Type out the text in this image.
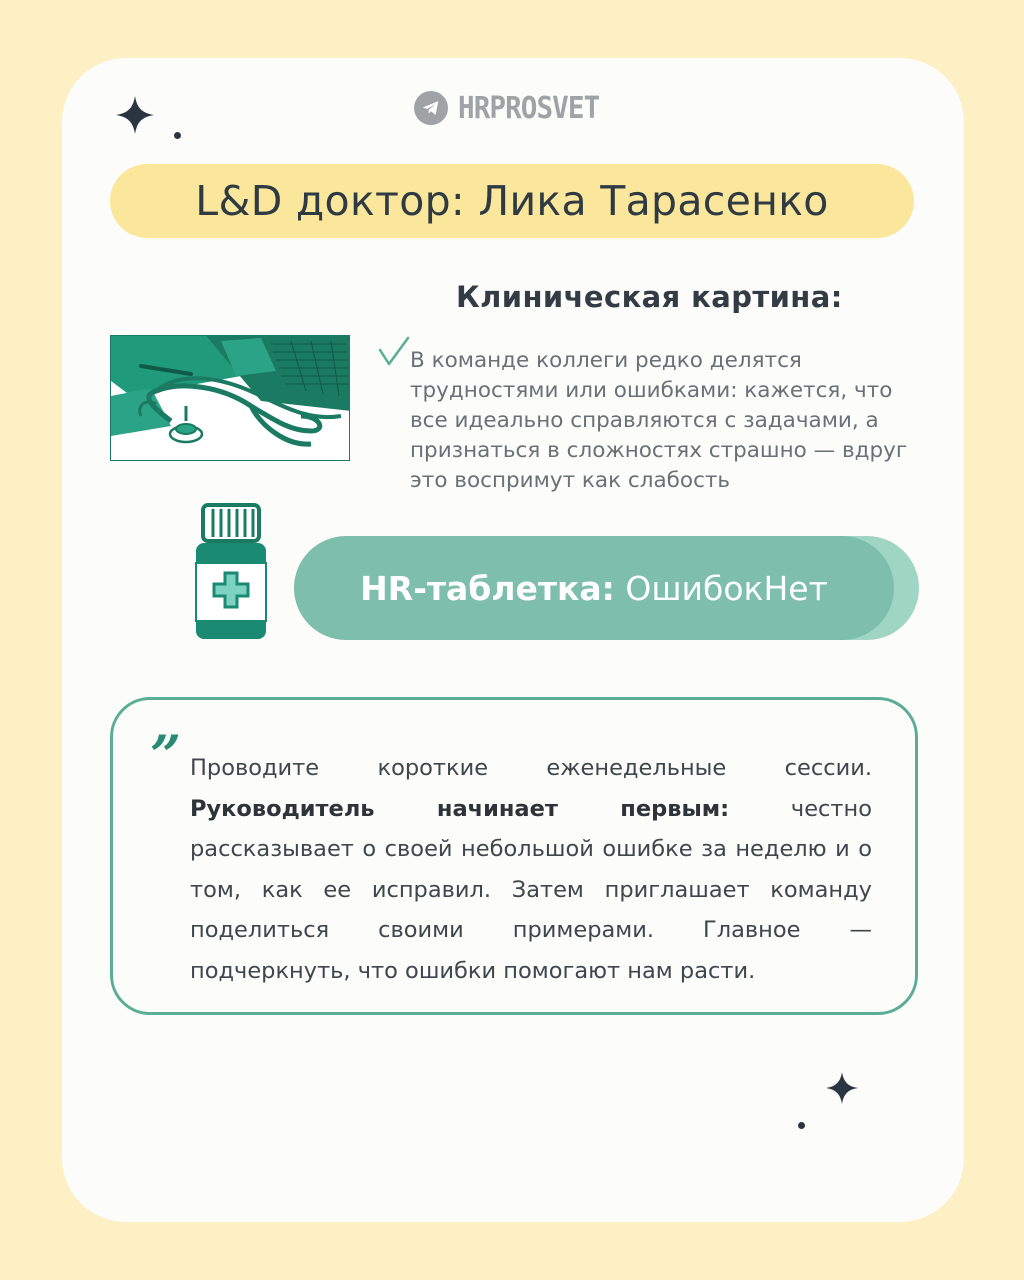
HRPROSVET
L&D доктор: Лика Тарасенко
Клиническая картина:
В команде коллеги редко делятся трудностями или ошибками: кажется, что все идеально справляются с задачами, а признаться в сложностях страшно — вдруг это воспримут как слабость
HR-таблетка: ОшибокНет
” Проводите короткие еженедельные сессии. Руководитель начинает первым: честно рассказывает о своей небольшой ошибке за неделю и о том, как ее исправил. Затем приглашает команду поделиться своими примерами. Главное — подчеркнуть, что ошибки помогают нам расти.
